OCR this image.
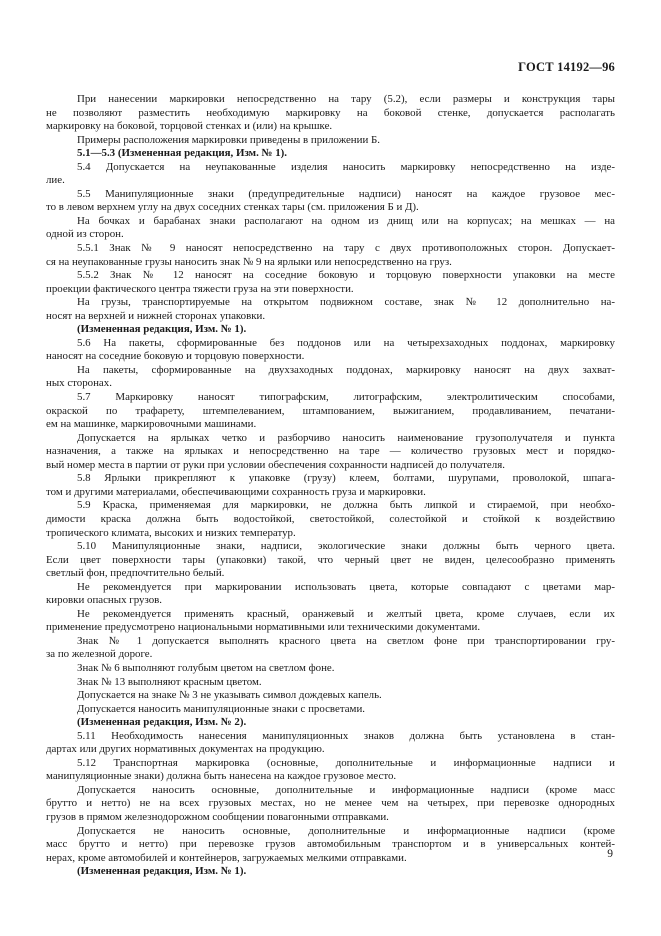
ГОСТ 14192—96
При нанесении маркировки непосредственно на тару (5.2), если размеры и конструкция тары
не позволяют разместить необходимую маркировку на боковой стенке, допускается располагать
маркировку на боковой, торцовой стенках и (или) на крышке.
Примеры расположения маркировки приведены в приложении Б.
5.1—5.3 (Измененная редакция, Изм. № 1).
5.4 Допускается на неупакованные изделия наносить маркировку непосредственно на изде-
лие.
5.5 Манипуляционные знаки (предупредительные надписи) наносят на каждое грузовое мес-
то в левом верхнем углу на двух соседних стенках тары (см. приложения Б и Д).
На бочках и барабанах знаки располагают на одном из днищ или на корпусах; на мешках — на
одной из сторон.
5.5.1 Знак № 9 наносят непосредственно на тару с двух противоположных сторон. Допускает-
ся на неупакованные грузы наносить знак № 9 на ярлыки или непосредственно на груз.
5.5.2 Знак № 12 наносят на соседние боковую и торцовую поверхности упаковки на месте
проекции фактического центра тяжести груза на эти поверхности.
На грузы, транспортируемые на открытом подвижном составе, знак № 12 дополнительно на-
носят на верхней и нижней сторонах упаковки.
(Измененная редакция, Изм. № 1).
5.6 На пакеты, сформированные без поддонов или на четырехзаходных поддонах, маркировку
наносят на соседние боковую и торцовую поверхности.
На пакеты, сформированные на двухзаходных поддонах, маркировку наносят на двух захват-
ных сторонах.
5.7 Маркировку наносят типографским, литографским, электролитическим способами,
окраской по трафарету, штемпелеванием, штампованием, выжиганием, продавливанием, печатани-
ем на машинке, маркировочными машинами.
Допускается на ярлыках четко и разборчиво наносить наименование грузополучателя и пункта
назначения, а также на ярлыках и непосредственно на таре — количество грузовых мест и порядко-
вый номер места в партии от руки при условии обеспечения сохранности надписей до получателя.
5.8 Ярлыки прикрепляют к упаковке (грузу) клеем, болтами, шурупами, проволокой, шпага-
том и другими материалами, обеспечивающими сохранность груза и маркировки.
5.9 Краска, применяемая для маркировки, не должна быть липкой и стираемой, при необхо-
димости краска должна быть водостойкой, светостойкой, солестойкой и стойкой к воздействию
тропического климата, высоких и низких температур.
5.10 Манипуляционные знаки, надписи, экологические знаки должны быть черного цвета.
Если цвет поверхности тары (упаковки) такой, что черный цвет не виден, целесообразно применять
светлый фон, предпочтительно белый.
Не рекомендуется при маркировании использовать цвета, которые совпадают с цветами мар-
кировки опасных грузов.
Не рекомендуется применять красный, оранжевый и желтый цвета, кроме случаев, если их
применение предусмотрено национальными нормативными или техническими документами.
Знак № 1 допускается выполнять красного цвета на светлом фоне при транспортировании гру-
за по железной дороге.
Знак № 6 выполняют голубым цветом на светлом фоне.
Знак № 13 выполняют красным цветом.
Допускается на знаке № 3 не указывать символ дождевых капель.
Допускается наносить манипуляционные знаки с просветами.
(Измененная редакция, Изм. № 2).
5.11 Необходимость нанесения манипуляционных знаков должна быть установлена в стан-
дартах или других нормативных документах на продукцию.
5.12 Транспортная маркировка (основные, дополнительные и информационные надписи и
манипуляционные знаки) должна быть нанесена на каждое грузовое место.
Допускается наносить основные, дополнительные и информационные надписи (кроме масс
брутто и нетто) не на всех грузовых местах, но не менее чем на четырех, при перевозке однородных
грузов в прямом железнодорожном сообщении повагонными отправками.
Допускается не наносить основные, дополнительные и информационные надписи (кроме
масс брутто и нетто) при перевозке грузов автомобильным транспортом и в универсальных контей-
нерах, кроме автомобилей и контейнеров, загружаемых мелкими отправками.
(Измененная редакция, Изм. № 1).
9
